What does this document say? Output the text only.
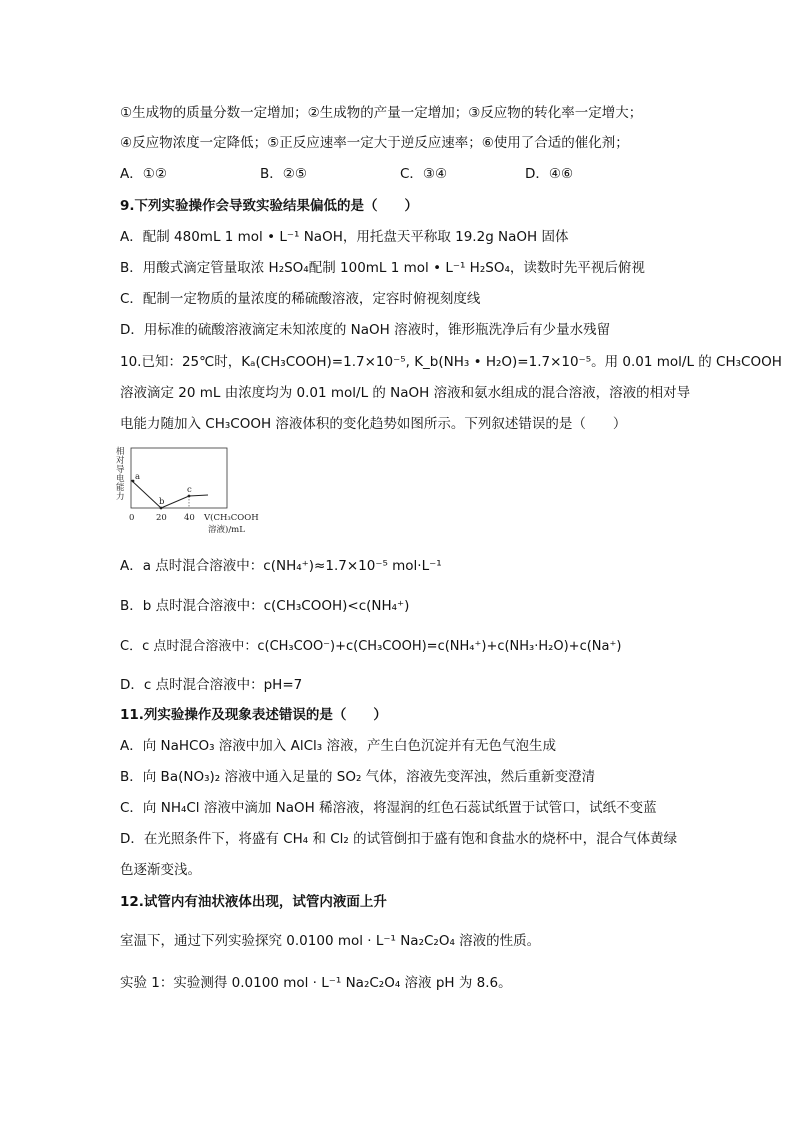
①生成物的质量分数一定增加；②生成物的产量一定增加；③反应物的转化率一定增大；
④反应物浓度一定降低；⑤正反应速率一定大于逆反应速率；⑥使用了合适的催化剂；
A．①②	B．②⑤	C．③④	D．④⑥
9.下列实验操作会导致实验结果偏低的是（　　）
A．配制 480mL 1 mol • L⁻¹ NaOH，用托盘天平称取 19.2g NaOH 固体
B．用酸式滴定管量取浓 H₂SO₄配制 100mL 1 mol • L⁻¹ H₂SO₄，读数时先平视后俯视
C．配制一定物质的量浓度的稀硫酸溶液，定容时俯视刻度线
D．用标准的硫酸溶液滴定未知浓度的 NaOH 溶液时，锥形瓶洗净后有少量水残留
10.已知：25℃时，Kₐ(CH₃COOH)=1.7×10⁻⁵, K_b(NH₃ • H₂O)=1.7×10⁻⁵。用 0.01 mol/L 的 CH₃COOH
溶液滴定 20 mL 由浓度均为 0.01 mol/L 的 NaOH 溶液和氨水组成的混合溶液，溶液的相对导
电能力随加入 CH₃COOH 溶液体积的变化趋势如图所示。下列叙述错误的是（　　）
相
对
导
电
能
力
a
b
c
0	20 40 V(CH₃COOH
溶液)/mL
A．a 点时混合溶液中：c(NH₄⁺)≈1.7×10⁻⁵ mol·L⁻¹
B．b 点时混合溶液中：c(CH₃COOH)<c(NH₄⁺)
C．c 点时混合溶液中：c(CH₃COO⁻)+c(CH₃COOH)=c(NH₄⁺)+c(NH₃·H₂O)+c(Na⁺)
D．c 点时混合溶液中：pH=7
11.列实验操作及现象表述错误的是（　　）
A．向 NaHCO₃ 溶液中加入 AlCl₃ 溶液，产生白色沉淀并有无色气泡生成
B．向 Ba(NO₃)₂ 溶液中通入足量的 SO₂ 气体，溶液先变浑浊，然后重新变澄清
C．向 NH₄Cl 溶液中滴加 NaOH 稀溶液，将湿润的红色石蕊试纸置于试管口，试纸不变蓝
D．在光照条件下，将盛有 CH₄ 和 Cl₂ 的试管倒扣于盛有饱和食盐水的烧杯中，混合气体黄绿
色逐渐变浅。
12.试管内有油状液体出现，试管内液面上升
室温下，通过下列实验探究 0.0100 mol · L⁻¹ Na₂C₂O₄ 溶液的性质。
实验 1：实验测得 0.0100 mol · L⁻¹ Na₂C₂O₄ 溶液 pH 为 8.6。
